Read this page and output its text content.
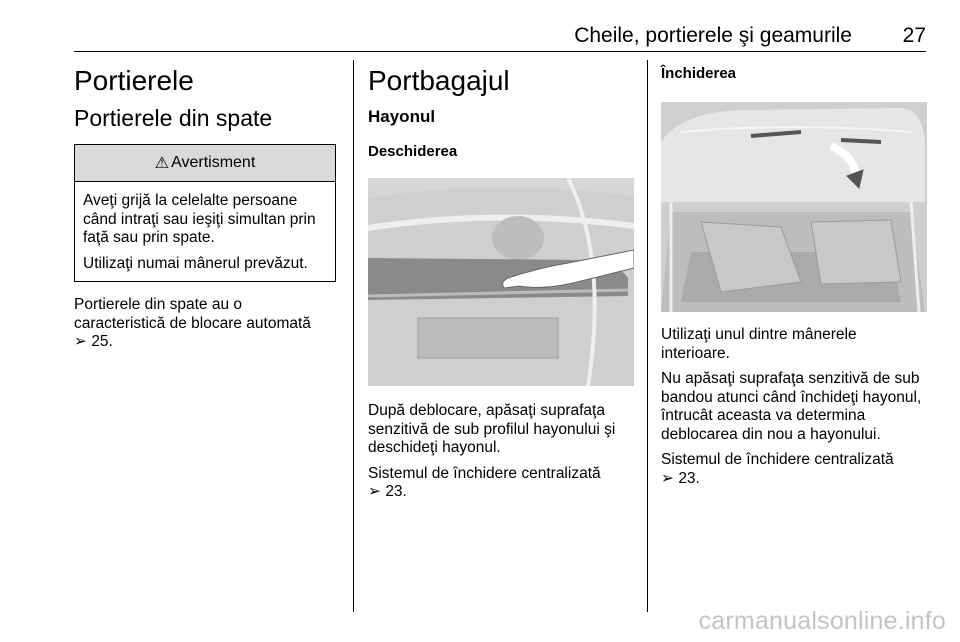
Cheile, portierele şi geamurile 27
Portierele
Portierele din spate
⚠ Avertisment

Aveţi grijă la celelalte persoane când intraţi sau ieşiţi simultan prin faţă sau prin spate.

Utilizaţi numai mânerul prevăzut.

Portierele din spate au o caracteristică de blocare automată

➢ 25.

Portbagajul
Hayonul
Deschiderea

După deblocare, apăsaţi suprafaţa senzitivă de sub profilul hayonului şi deschideţi hayonul.

Sistemul de închidere centralizată

➢ 23.

Închiderea

Utilizaţi unul dintre mânerele interioare.

Nu apăsaţi suprafaţa senzitivă de sub bandou atunci când închideţi hayonul, întrucât aceasta va determina deblocarea din nou a hayonului.

Sistemul de închidere centralizată

➢ 23.

carmanualsonline.info
